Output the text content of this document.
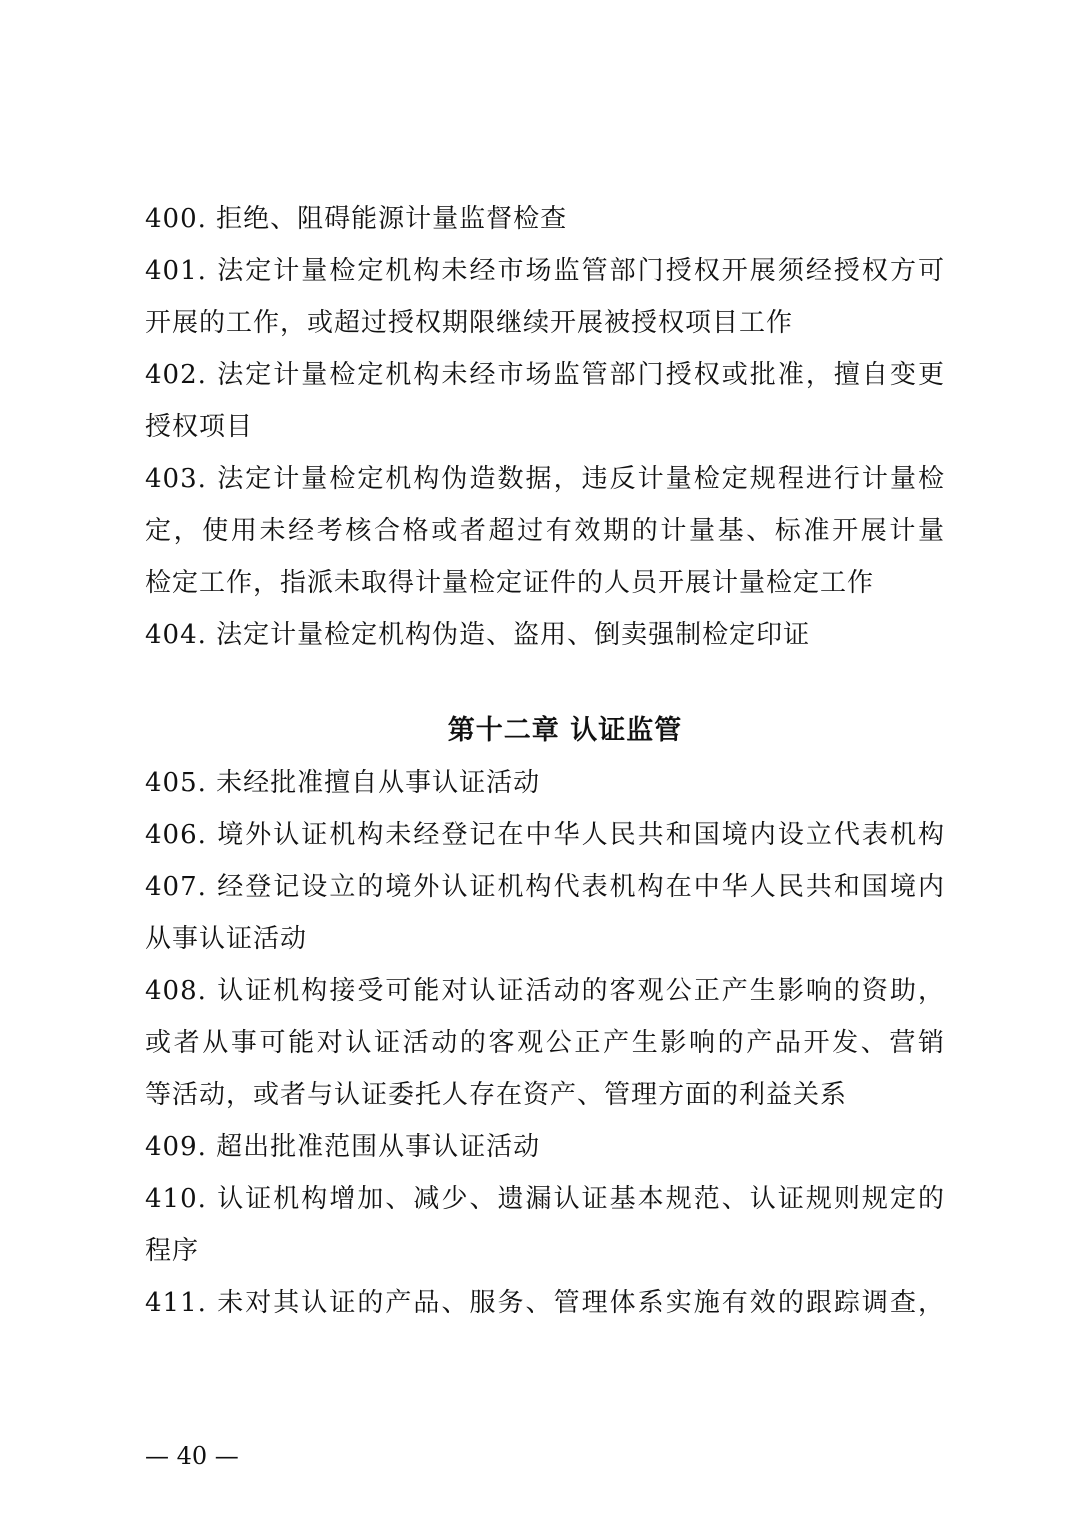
400. 拒绝、阻碍能源计量监督检查
401. 法定计量检定机构未经市场监管部门授权开展须经授权方可
开展的工作，或超过授权期限继续开展被授权项目工作
402. 法定计量检定机构未经市场监管部门授权或批准，擅自变更
授权项目
403. 法定计量检定机构伪造数据，违反计量检定规程进行计量检
定，使用未经考核合格或者超过有效期的计量基、标准开展计量
检定工作，指派未取得计量检定证件的人员开展计量检定工作
404. 法定计量检定机构伪造、盗用、倒卖强制检定印证
第十二章 认证监管
405. 未经批准擅自从事认证活动
406. 境外认证机构未经登记在中华人民共和国境内设立代表机构
407. 经登记设立的境外认证机构代表机构在中华人民共和国境内
从事认证活动
408. 认证机构接受可能对认证活动的客观公正产生影响的资助，
或者从事可能对认证活动的客观公正产生影响的产品开发、营销
等活动，或者与认证委托人存在资产、管理方面的利益关系
409. 超出批准范围从事认证活动
410. 认证机构增加、减少、遗漏认证基本规范、认证规则规定的
程序
411. 未对其认证的产品、服务、管理体系实施有效的跟踪调查，
— 40 —
